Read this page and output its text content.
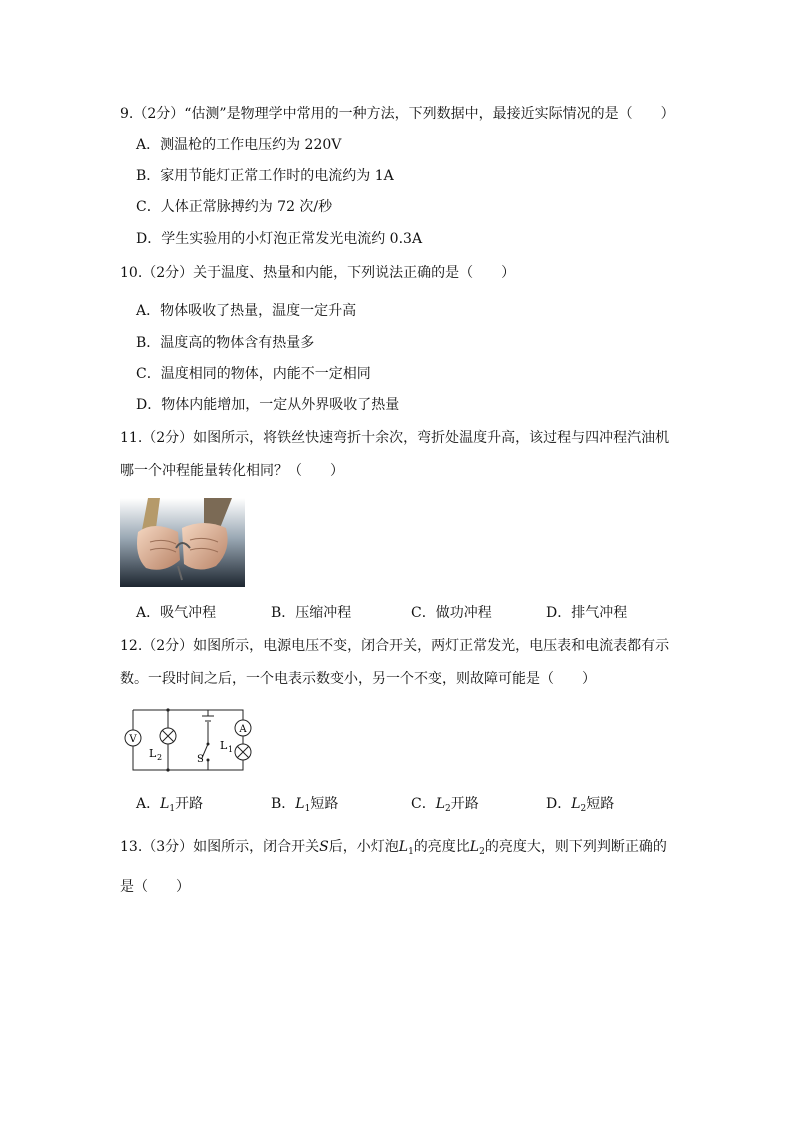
9.（2分）“估测”是物理学中常用的一种方法，下列数据中，最接近实际情况的是（　　）
A．测温枪的工作电压约为 220V
B．家用节能灯正常工作时的电流约为 1A
C．人体正常脉搏约为 72 次/秒
D．学生实验用的小灯泡正常发光电流约 0.3A
10.（2分）关于温度、热量和内能，下列说法正确的是（　　）
A．物体吸收了热量，温度一定升高
B．温度高的物体含有热量多
C．温度相同的物体，内能不一定相同
D．物体内能增加，一定从外界吸收了热量
11.（2分）如图所示，将铁丝快速弯折十余次，弯折处温度升高，该过程与四冲程汽油机
哪一个冲程能量转化相同？（　　）
A．吸气冲程	B．压缩冲程	C．做功冲程	D．排气冲程
12.（2分）如图所示，电源电压不变，闭合开关，两灯正常发光，电压表和电流表都有示
数。一段时间之后，一个电表示数变小，另一个不变，则故障可能是（　　）
V
A
L 2
L 1
S
A．$L_1$开路	B．$L_1$短路	C．$L_2$开路	D．$L_2$短路
13.（3分）如图所示，闭合开关S后，小灯泡$L_1$的亮度比$L_2$的亮度大，则下列判断正确的
是（　　）
